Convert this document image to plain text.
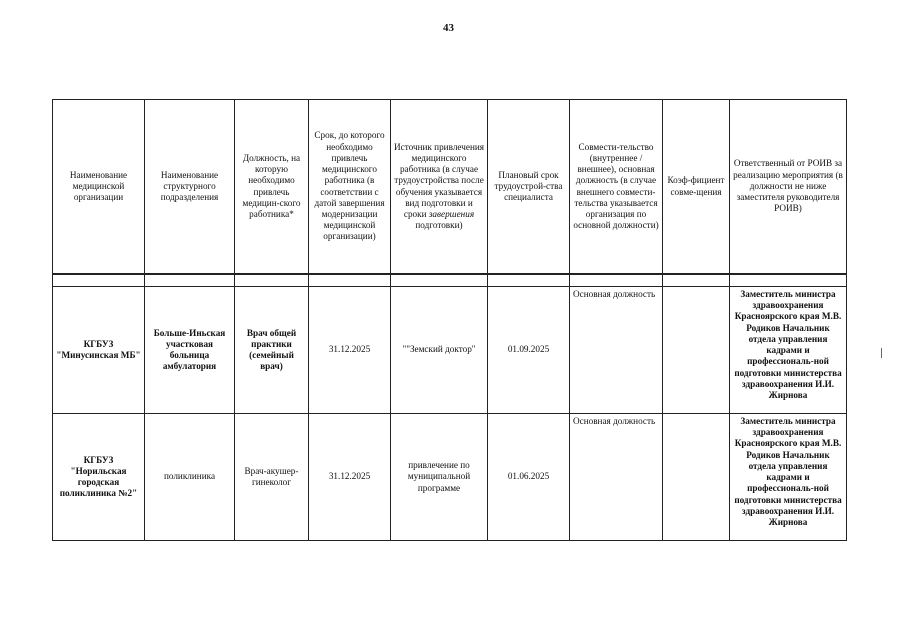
43
Наименование медицинской организации	Наименование структурного подразделения	Должность, на которую необходимо привлечь медицин-ского работника*	Срок, до которого необходимо привлечь медицинского работника (в соответствии с датой завершения модернизации медицинской организации)	Источник привлечения медицинского работника (в случае трудоустройства после обучения указывается вид подготовки и сроки завершения подготовки)	Плановый срок трудоустрой-ства специалиста	Совмести-тельство (внутреннее /внешнее), основная должность (в случае внешнего совмести-тельства указывается организация по основной должности)	Коэф-фициент совме-щения	Ответственный от РОИВ за реализацию мероприятия (в должности не ниже заместителя руководителя РОИВ)

КГБУЗ "Минусинская МБ"	Больше-Иньская участковая больница амбулатория	Врач общей практики (семейный врач)	31.12.2025	""Земский доктор"	01.09.2025	Основная должность		Заместитель министра здравоохранения Красноярского края М.В. Родиков Начальник отдела управления кадрами и профессиональ-ной подготовки министерства здравоохранения И.И. Жирнова
КГБУЗ "Норильская городская поликлиника №2"	поликлиника	Врач-акушер-гинеколог	31.12.2025	привлечение по муниципальной программе	01.06.2025	Основная должность		Заместитель министра здравоохранения Красноярского края М.В. Родиков Начальник отдела управления кадрами и профессиональ-ной подготовки министерства здравоохранения И.И. Жирнова
